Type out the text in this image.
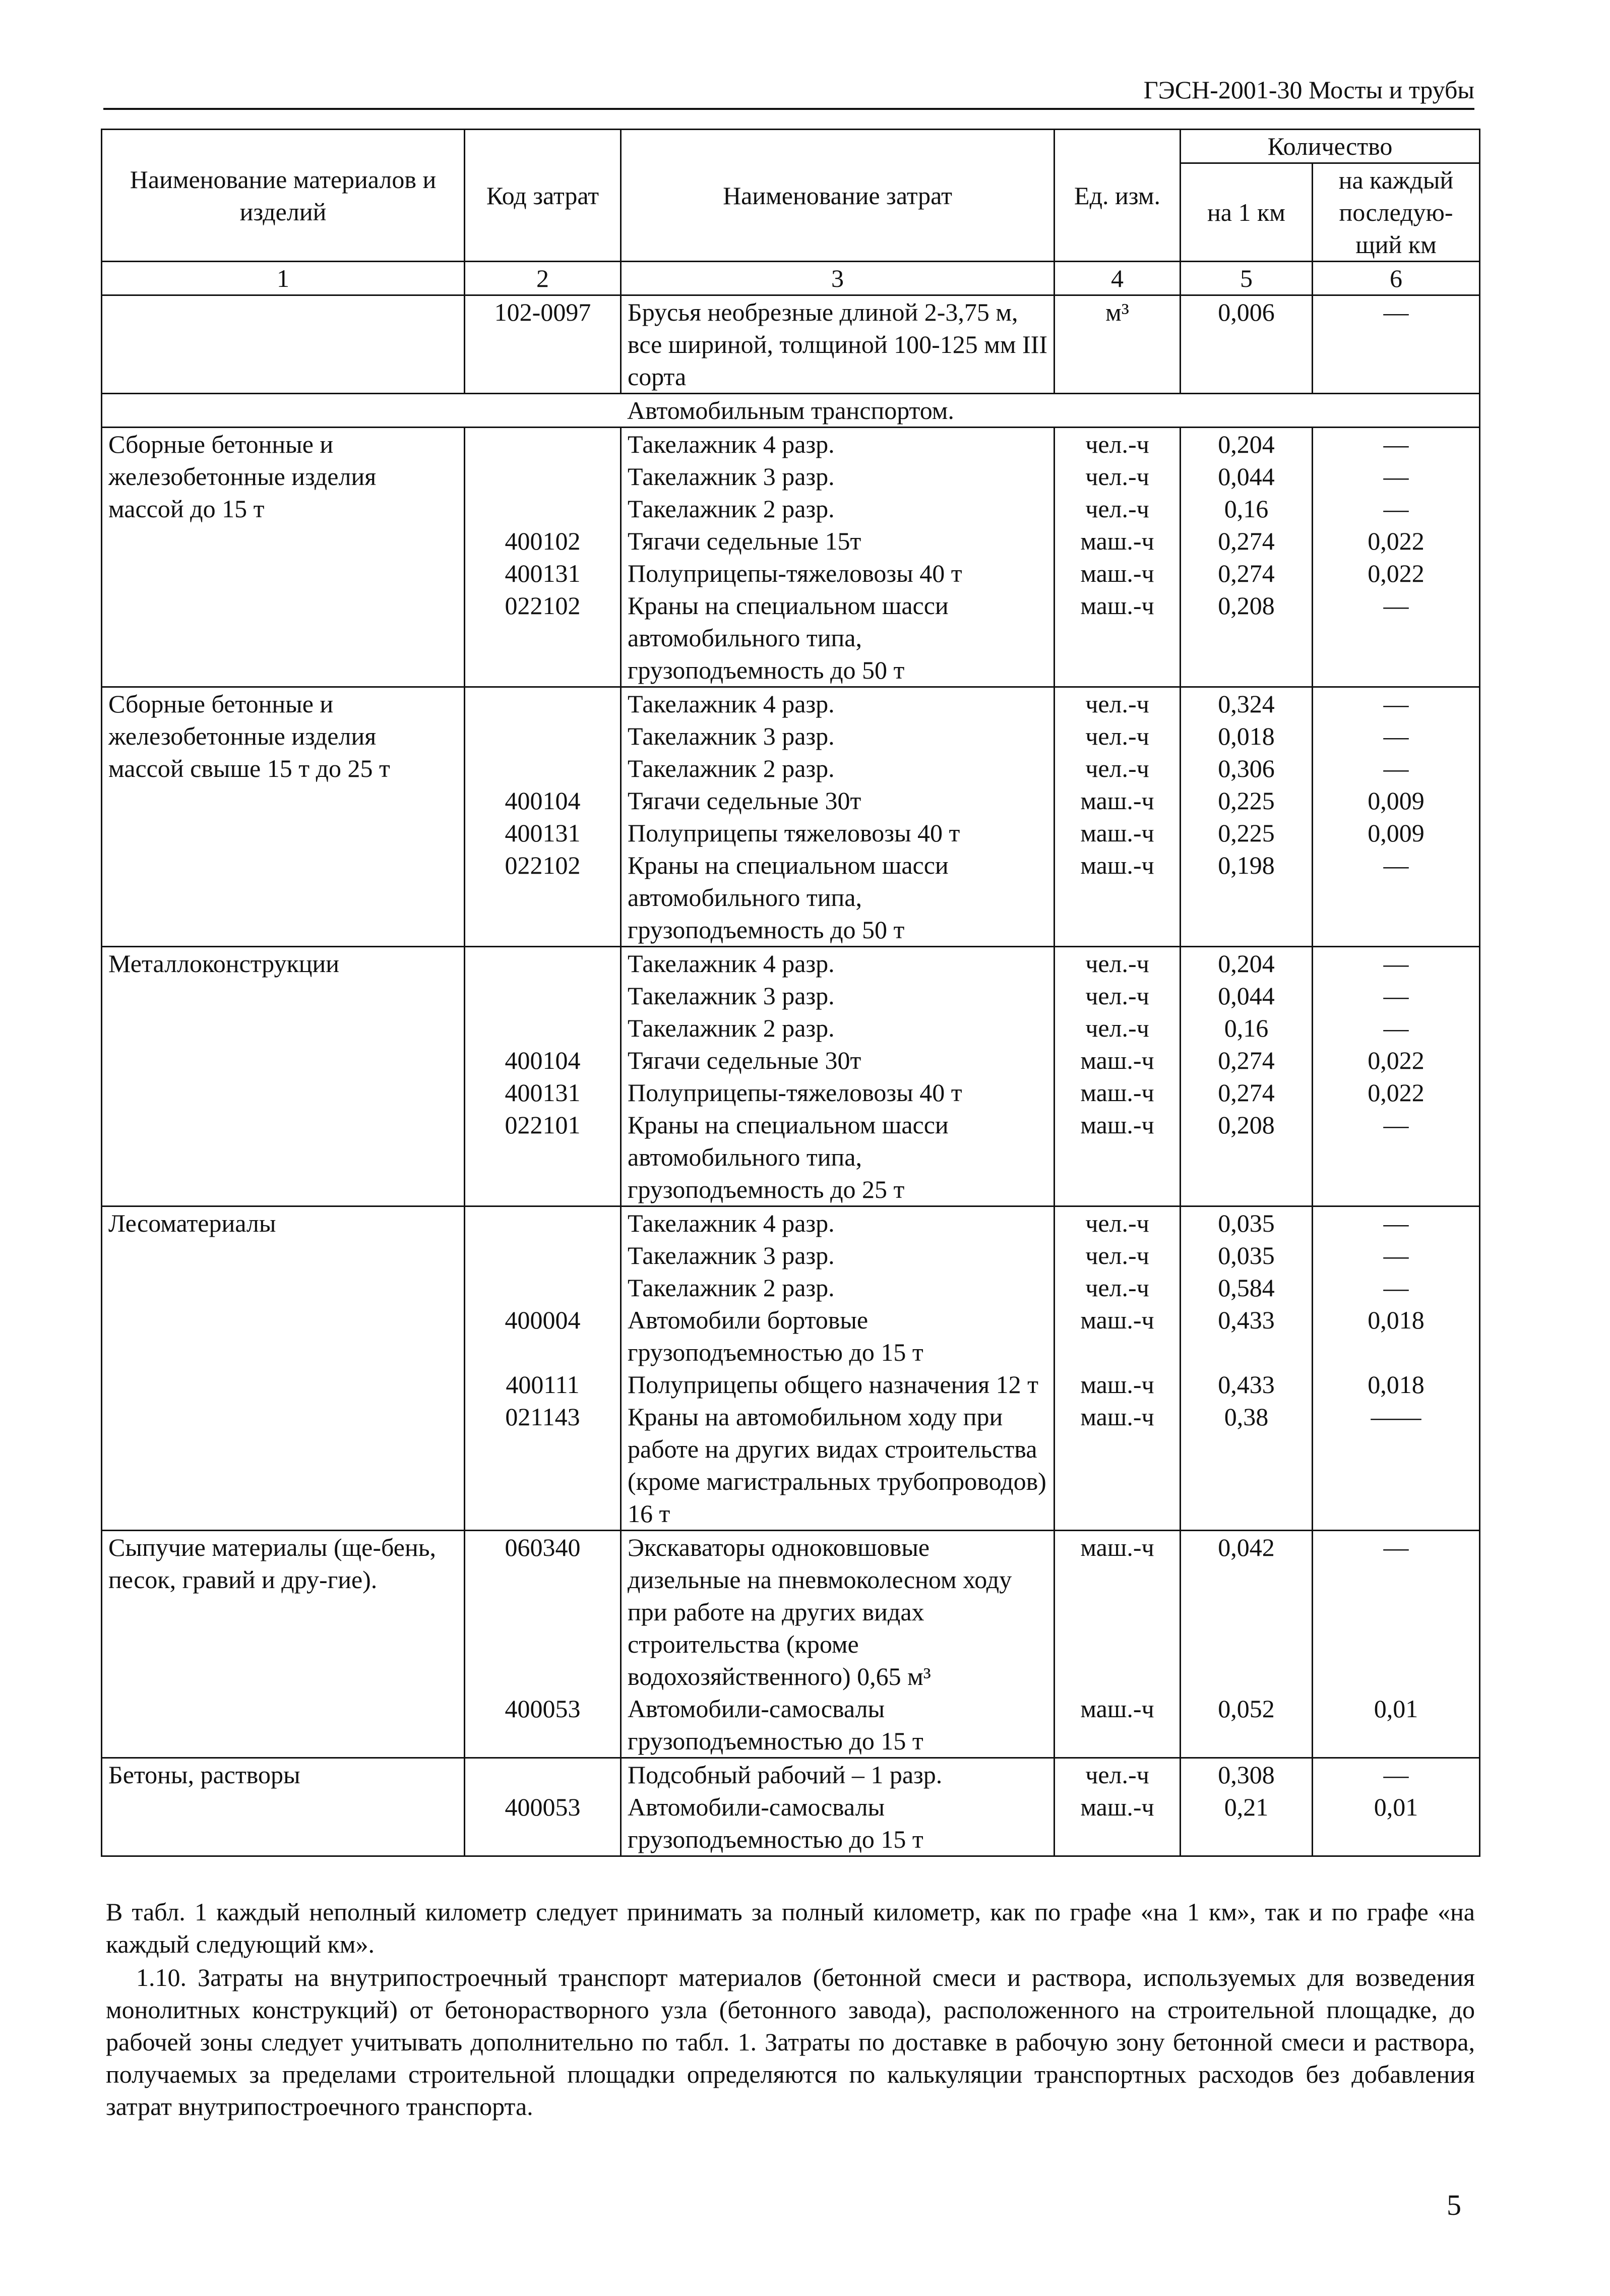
ГЭСН-2001-30 Мосты и трубы
Наименование материалов и изделий	Код затрат	Наименование затрат	Ед. изм.	Количество	
				на 1 км	на каждый последую-щий км
1	2	3	4	5	6
	102-0097	Брусья необрезные длиной 2-3,75 м, все шириной, толщиной 100-125 мм III сорта	м³	0,006	—
Автомобильным транспортом.					
Сборные бетонные и железобетонные изделия массой до 15 т		Такелажник 4 разр.	чел.-ч	0,204	—
		Такелажник 3 разр.	чел.-ч	0,044	—
		Такелажник 2 разр.	чел.-ч	0,16	—
	400102	Тягачи седельные 15т	маш.-ч	0,274	0,022
	400131	Полуприцепы-тяжеловозы 40 т	маш.-ч	0,274	0,022
	022102	Краны на специальном шасси автомобильного типа, грузоподъемность до 50 т	маш.-ч	0,208	—
Сборные бетонные и железобетонные изделия массой свыше 15 т до 25 т		Такелажник 4 разр.	чел.-ч	0,324	—
		Такелажник 3 разр.	чел.-ч	0,018	—
		Такелажник 2 разр.	чел.-ч	0,306	—
	400104	Тягачи седельные 30т	маш.-ч	0,225	0,009
	400131	Полуприцепы тяжеловозы 40 т	маш.-ч	0,225	0,009
	022102	Краны на специальном шасси автомобильного типа, грузоподъемность до 50 т	маш.-ч	0,198	—
Металлоконструкции		Такелажник 4 разр.	чел.-ч	0,204	—
		Такелажник 3 разр.	чел.-ч	0,044	—
		Такелажник 2 разр.	чел.-ч	0,16	—
	400104	Тягачи седельные 30т	маш.-ч	0,274	0,022
	400131	Полуприцепы-тяжеловозы 40 т	маш.-ч	0,274	0,022
	022101	Краны на специальном шасси автомобильного типа, грузоподъемность до 25 т	маш.-ч	0,208	—
Лесоматериалы		Такелажник 4 разр.	чел.-ч	0,035	—
		Такелажник 3 разр.	чел.-ч	0,035	—
		Такелажник 2 разр.	чел.-ч	0,584	—
	400004	Автомобили бортовые грузоподъемностью до 15 т	маш.-ч	0,433	0,018
	400111	Полуприцепы общего назначения 12 т	маш.-ч	0,433	0,018
	021143	Краны на автомобильном ходу при работе на других видах строительства (кроме магистральных трубопроводов) 16 т	маш.-ч	0,38	——
Сыпучие материалы (ще-бень, песок, гравий и дру-гие).	060340	Экскаваторы одноковшовые дизельные на пневмоколесном ходу при работе на других видах строительства (кроме водохозяйственного) 0,65 м³	маш.-ч	0,042	—
	400053	Автомобили-самосвалы грузоподъемностью до 15 т	маш.-ч	0,052	0,01
Бетоны, растворы		Подсобный рабочий – 1 разр.	чел.-ч	0,308	—
	400053	Автомобили-самосвалы грузоподъемностью до 15 т	маш.-ч	0,21	0,01

В табл. 1 каждый неполный километр следует принимать за полный километр, как по графе «на 1 км», так и по графе «на каждый следующий км».

1.10. Затраты на внутрипостроечный транспорт материалов (бетонной смеси и раствора, используемых для возведения монолитных конструкций) от бетонорастворного узла (бетонного завода), расположенного на строительной площадке, до рабочей зоны следует учитывать дополнительно по табл. 1. Затраты по доставке в рабочую зону бетонной смеси и раствора, получаемых за пределами строительной площадки определяются по калькуляции транспортных расходов без добавления затрат внутрипостроечного транспорта.

5
